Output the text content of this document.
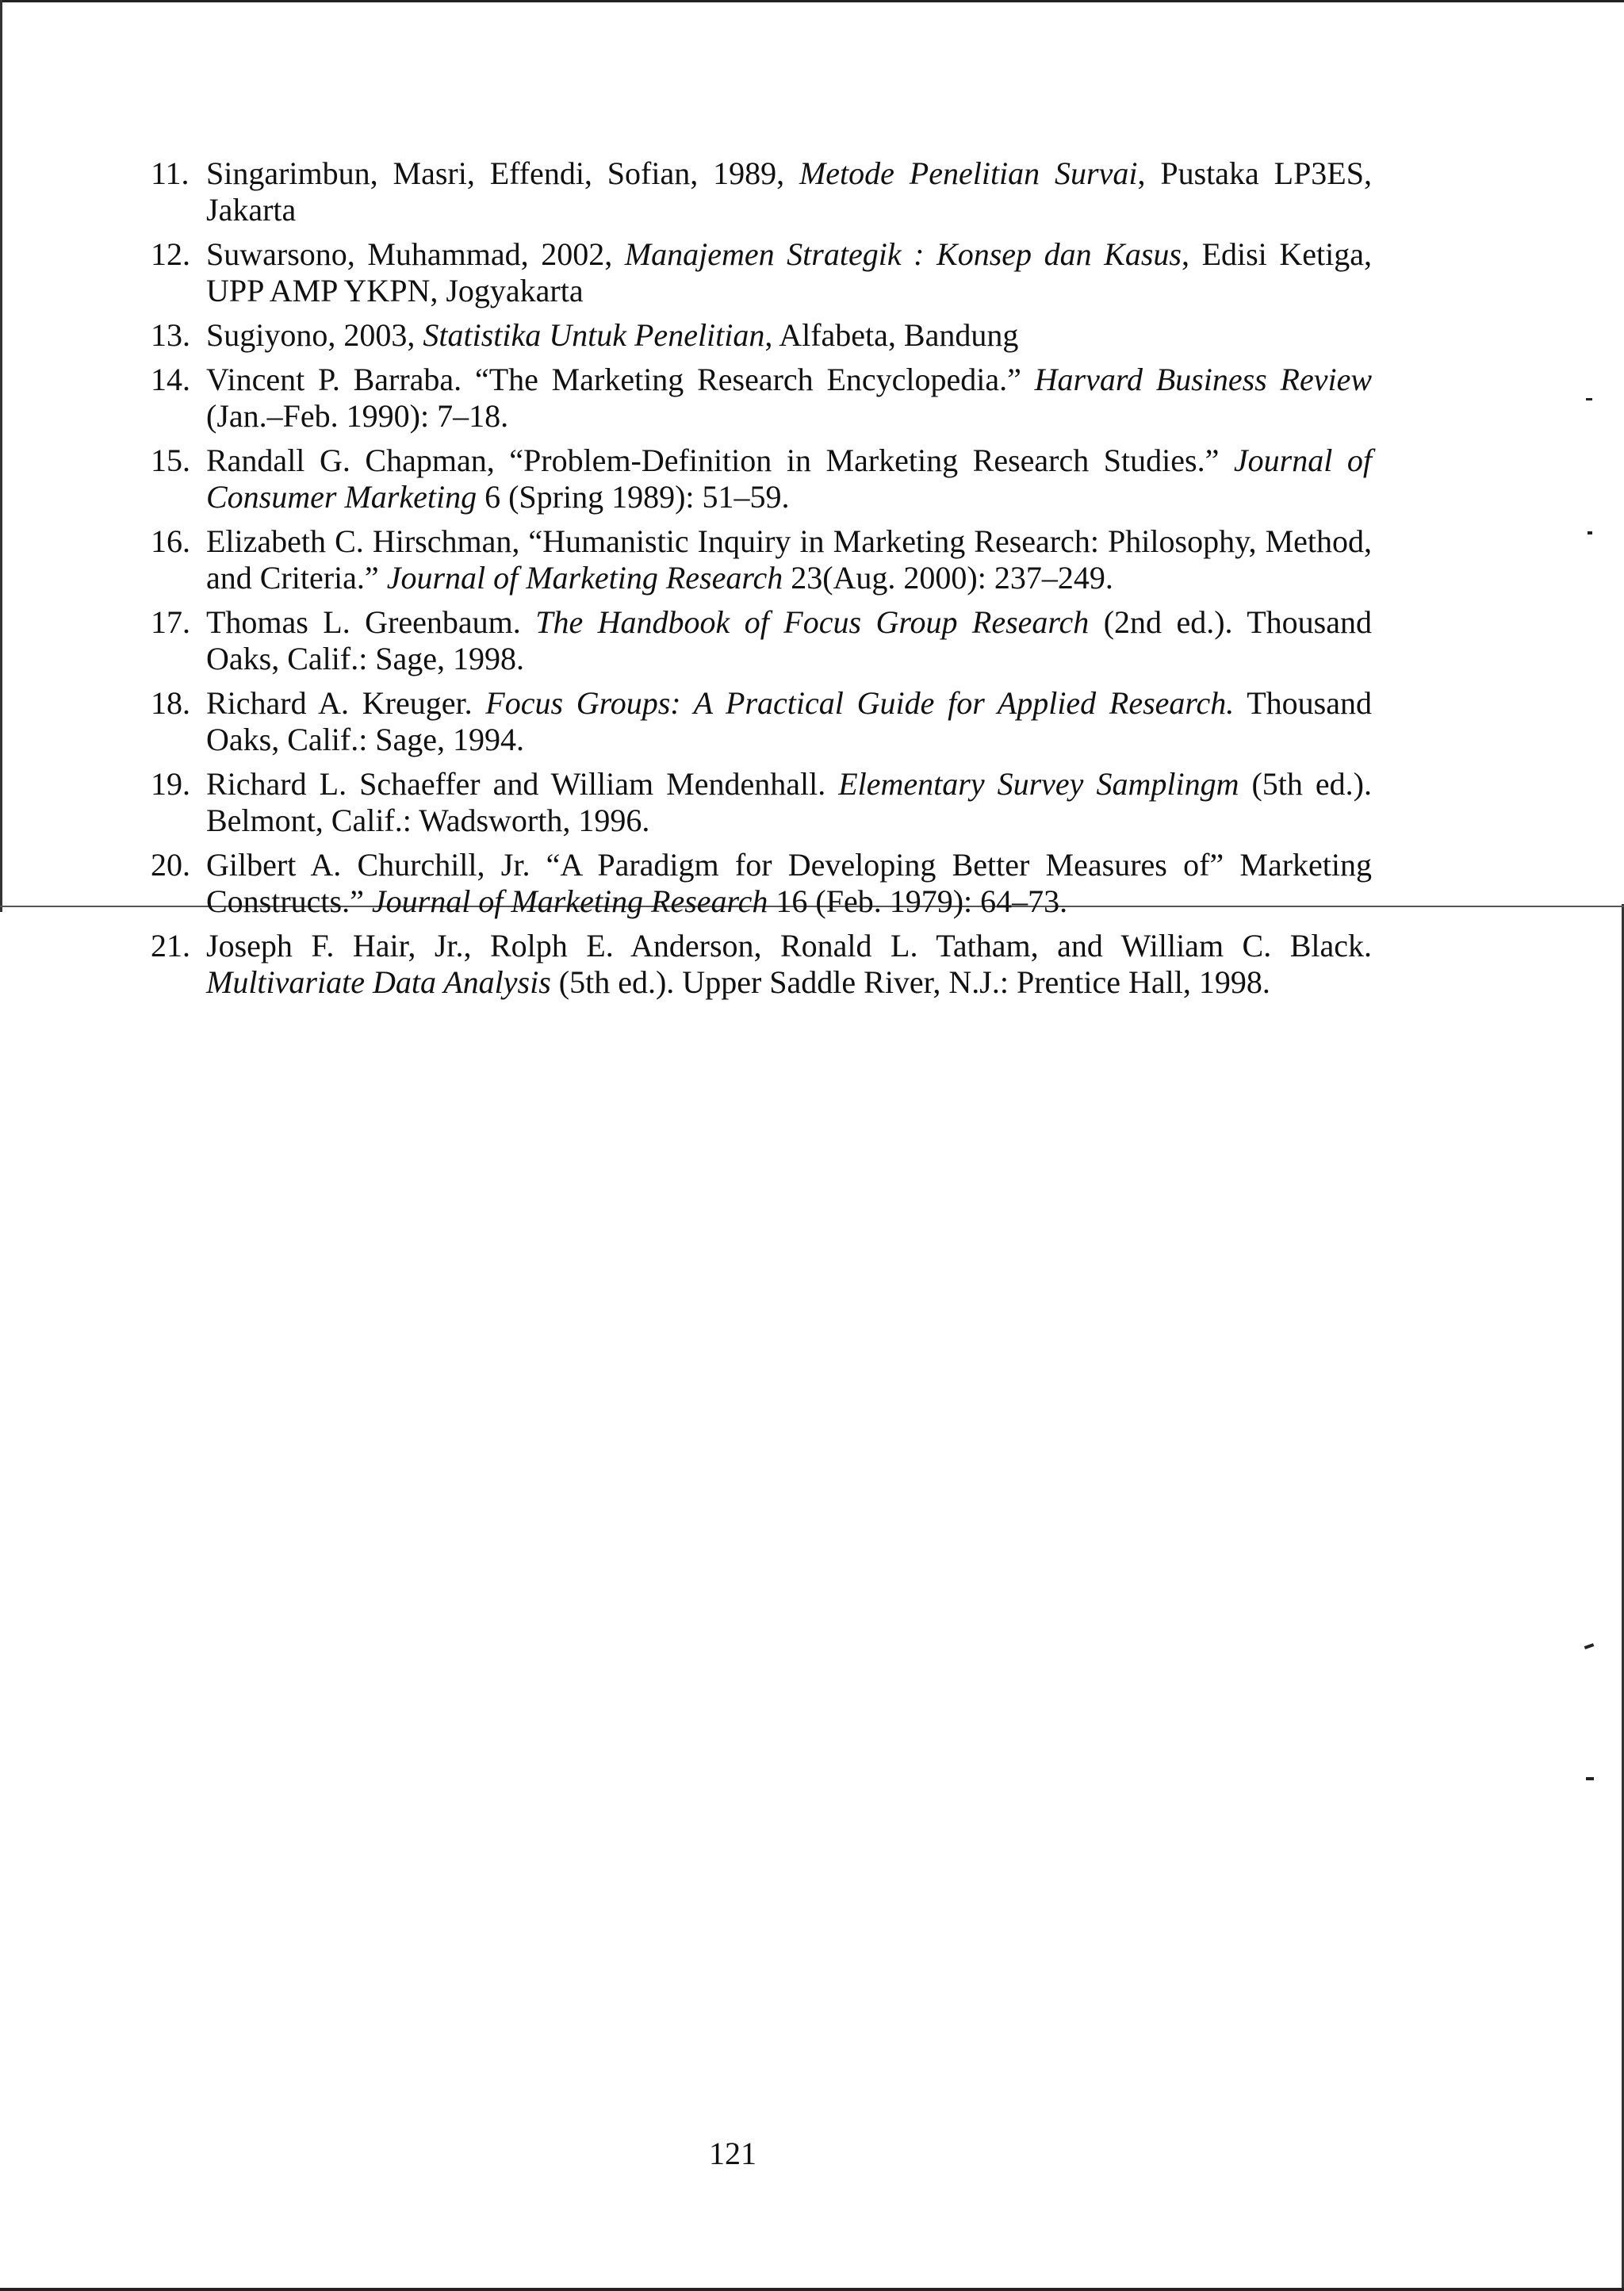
11. Singarimbun, Masri, Effendi, Sofian, 1989, Metode Penelitian Survai, Pustaka LP3ES, Jakarta
12. Suwarsono, Muhammad, 2002, Manajemen Strategik : Konsep dan Kasus, Edisi Ketiga, UPP AMP YKPN, Jogyakarta
13. Sugiyono, 2003, Statistika Untuk Penelitian, Alfabeta, Bandung
14. Vincent P. Barraba. “The Marketing Research Encyclopedia.” Harvard Business Review (Jan.–Feb. 1990): 7–18.
15. Randall G. Chapman, “Problem-Definition in Marketing Research Studies.” Journal of Consumer Marketing 6 (Spring 1989): 51–59.
16. Elizabeth C. Hirschman, “Humanistic Inquiry in Marketing Research: Philosophy, Method, and Criteria.” Journal of Marketing Research 23(Aug. 2000): 237–249.
17. Thomas L. Greenbaum. The Handbook of Focus Group Research (2nd ed.). Thousand Oaks, Calif.: Sage, 1998.
18. Richard A. Kreuger. Focus Groups: A Practical Guide for Applied Research. Thousand Oaks, Calif.: Sage, 1994.
19. Richard L. Schaeffer and William Mendenhall. Elementary Survey Samplingm (5th ed.). Belmont, Calif.: Wadsworth, 1996.
20. Gilbert A. Churchill, Jr. “A Paradigm for Developing Better Measures of” Marketing Constructs.” Journal of Marketing Research 16 (Feb. 1979): 64–73.
21. Joseph F. Hair, Jr., Rolph E. Anderson, Ronald L. Tatham, and William C. Black. Multivariate Data Analysis (5th ed.). Upper Saddle River, N.J.: Prentice Hall, 1998.
121
